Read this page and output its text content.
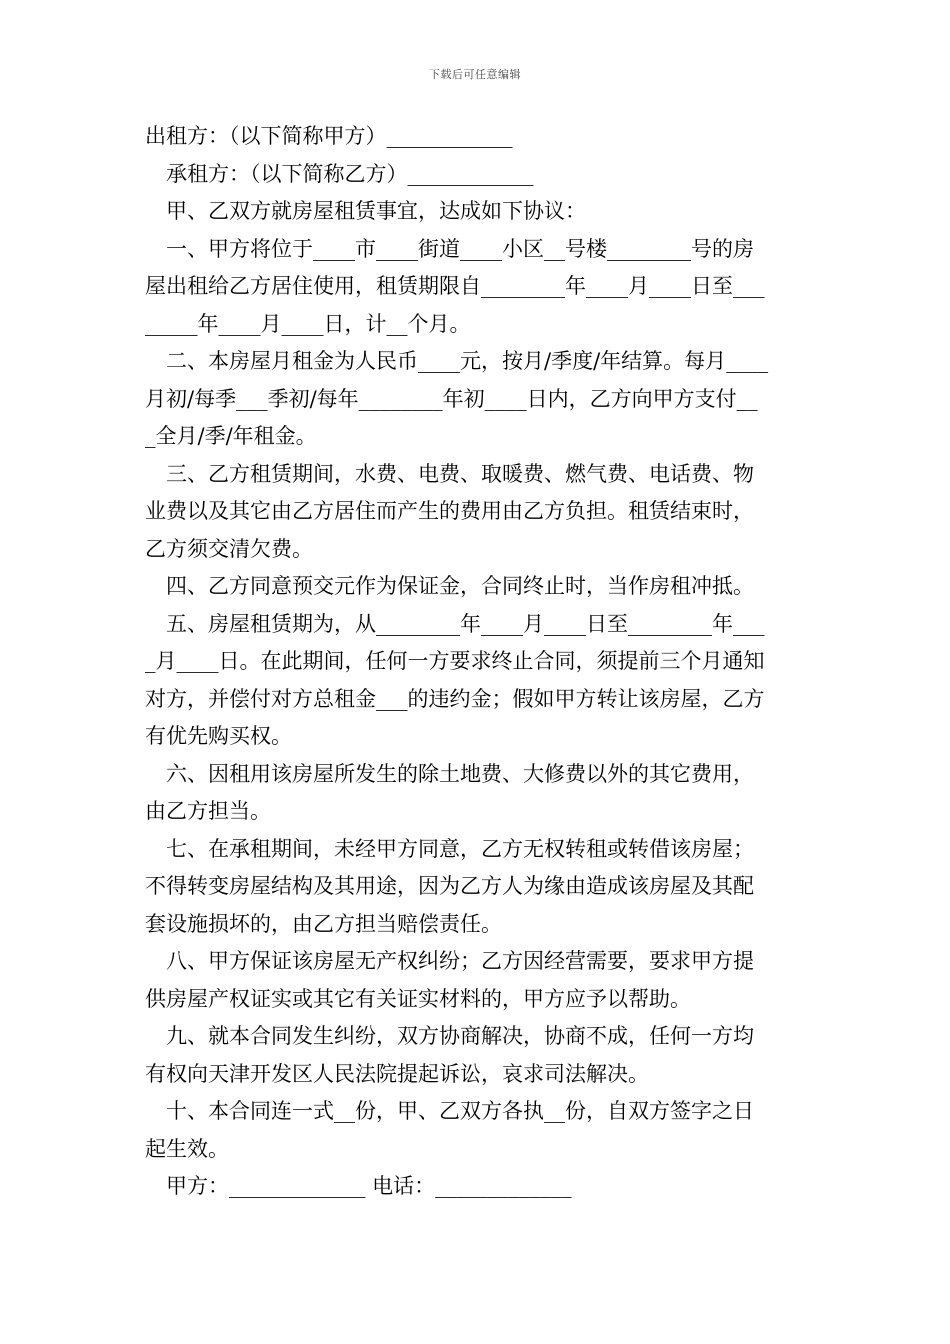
下载后可任意编辑
出租方：（以下简称甲方）____________
承租方：（以下简称乙方）____________
甲、乙双方就房屋租赁事宜，达成如下协议：
一、甲方将位于____市____街道____小区__号楼________号的房
屋出租给乙方居住使用，租赁期限自________年____月____日至___
_____年____月____日，计__个月。
二、本房屋月租金为人民币____元，按月/季度/年结算。每月____
月初/每季___季初/每年________年初____日内，乙方向甲方支付__
_全月/季/年租金。
三、乙方租赁期间，水费、电费、取暖费、燃气费、电话费、物
业费以及其它由乙方居住而产生的费用由乙方负担。租赁结束时，
乙方须交清欠费。
四、乙方同意预交元作为保证金，合同终止时，当作房租冲抵。
五、房屋租赁期为，从________年____月____日至________年___
_月____日。在此期间，任何一方要求终止合同，须提前三个月通知
对方，并偿付对方总租金___的违约金；假如甲方转让该房屋，乙方
有优先购买权。
六、因租用该房屋所发生的除土地费、大修费以外的其它费用，
由乙方担当。
七、在承租期间，未经甲方同意，乙方无权转租或转借该房屋；
不得转变房屋结构及其用途，因为乙方人为缘由造成该房屋及其配
套设施损坏的，由乙方担当赔偿责任。
八、甲方保证该房屋无产权纠纷；乙方因经营需要，要求甲方提
供房屋产权证实或其它有关证实材料的，甲方应予以帮助。
九、就本合同发生纠纷，双方协商解决，协商不成，任何一方均
有权向天津开发区人民法院提起诉讼，哀求司法解决。
十、本合同连一式__份，甲、乙双方各执__份，自双方签字之日
起生效。
甲方：_____________ 电话：_____________
